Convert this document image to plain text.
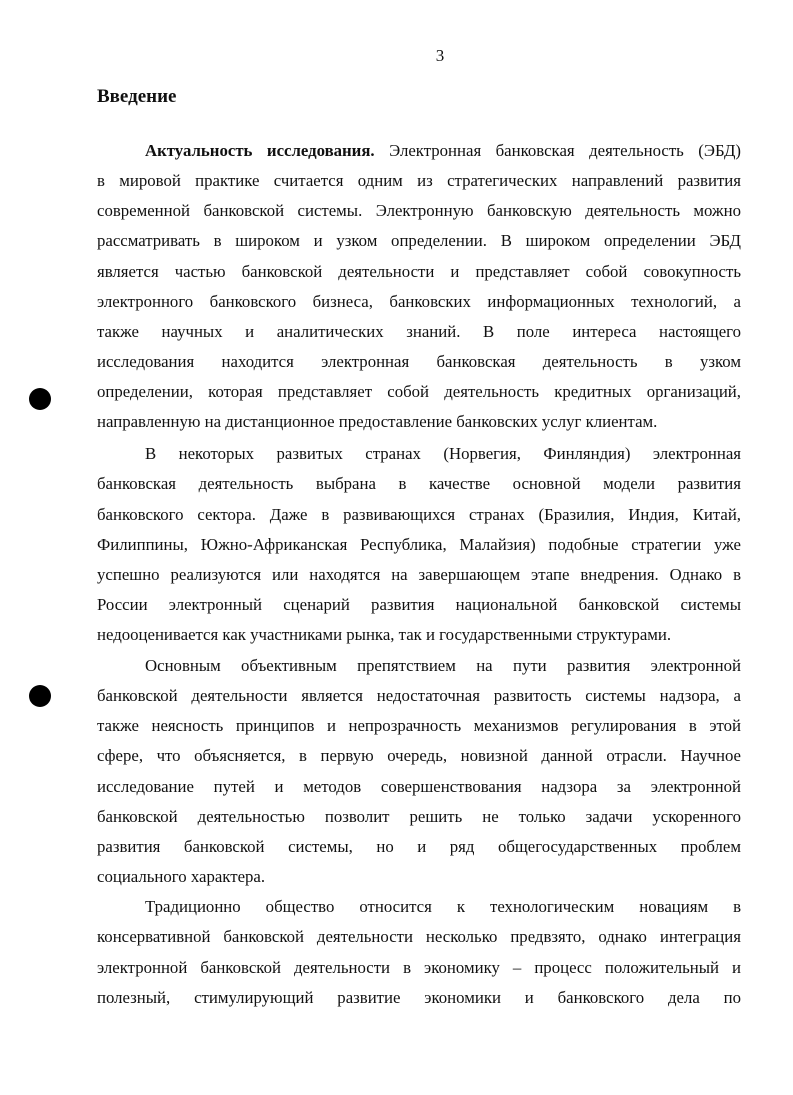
3
Введение
Актуальность исследования. Электронная банковская деятельность (ЭБД)
в мировой практике считается одним из стратегических направлений развития
современной банковской системы. Электронную банковскую деятельность можно
рассматривать в широком и узком определении. В широком определении ЭБД
является частью банковской деятельности и представляет собой совокупность
электронного банковского бизнеса, банковских информационных технологий, а
также научных и аналитических знаний. В поле интереса настоящего
исследования находится электронная банковская деятельность в узком
определении, которая представляет собой деятельность кредитных организаций,
направленную на дистанционное предоставление банковских услуг клиентам.
В некоторых развитых странах (Норвегия, Финляндия) электронная
банковская деятельность выбрана в качестве основной модели развития
банковского сектора. Даже в развивающихся странах (Бразилия, Индия, Китай,
Филиппины, Южно-Африканская Республика, Малайзия) подобные стратегии уже
успешно реализуются или находятся на завершающем этапе внедрения. Однако в
России электронный сценарий развития национальной банковской системы
недооценивается как участниками рынка, так и государственными структурами.
Основным объективным препятствием на пути развития электронной
банковской деятельности является недостаточная развитость системы надзора, а
также неясность принципов и непрозрачность механизмов регулирования в этой
сфере, что объясняется, в первую очередь, новизной данной отрасли. Научное
исследование путей и методов совершенствования надзора за электронной
банковской деятельностью позволит решить не только задачи ускоренного
развития банковской системы, но и ряд общегосударственных проблем
социального характера.
Традиционно общество относится к технологическим новациям в
консервативной банковской деятельности несколько предвзято, однако интеграция
электронной банковской деятельности в экономику – процесс положительный и
полезный, стимулирующий развитие экономики и банковского дела по
